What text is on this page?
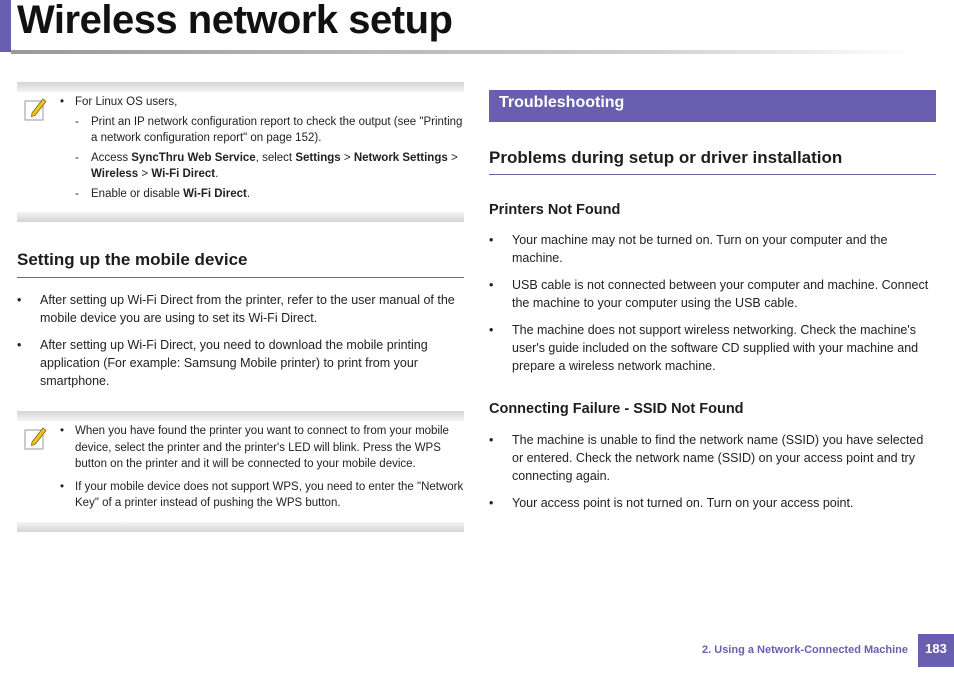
Wireless network setup
• For Linux OS users,
- Print an IP network configuration report to check the output (see "Printing a network configuration report" on page 152).
- Access SyncThru Web Service, select Settings > Network Settings > Wireless > Wi-Fi Direct.
- Enable or disable Wi-Fi Direct.
Setting up the mobile device
• After setting up Wi-Fi Direct from the printer, refer to the user manual of the mobile device you are using to set its Wi-Fi Direct.
• After setting up Wi-Fi Direct, you need to download the mobile printing application (For example: Samsung Mobile printer) to print from your smartphone.
• When you have found the printer you want to connect to from your mobile device, select the printer and the printer's LED will blink. Press the WPS button on the printer and it will be connected to your mobile device.
• If your mobile device does not support WPS, you need to enter the "Network Key" of a printer instead of pushing the WPS button.
Troubleshooting
Problems during setup or driver installation
Printers Not Found
• Your machine may not be turned on. Turn on your computer and the machine.
• USB cable is not connected between your computer and machine. Connect the machine to your computer using the USB cable.
• The machine does not support wireless networking. Check the machine's user's guide included on the software CD supplied with your machine and prepare a wireless network machine.
Connecting Failure - SSID Not Found
• The machine is unable to find the network name (SSID) you have selected or entered. Check the network name (SSID) on your access point and try connecting again.
• Your access point is not turned on. Turn on your access point.
2. Using a Network-Connected Machine	183
